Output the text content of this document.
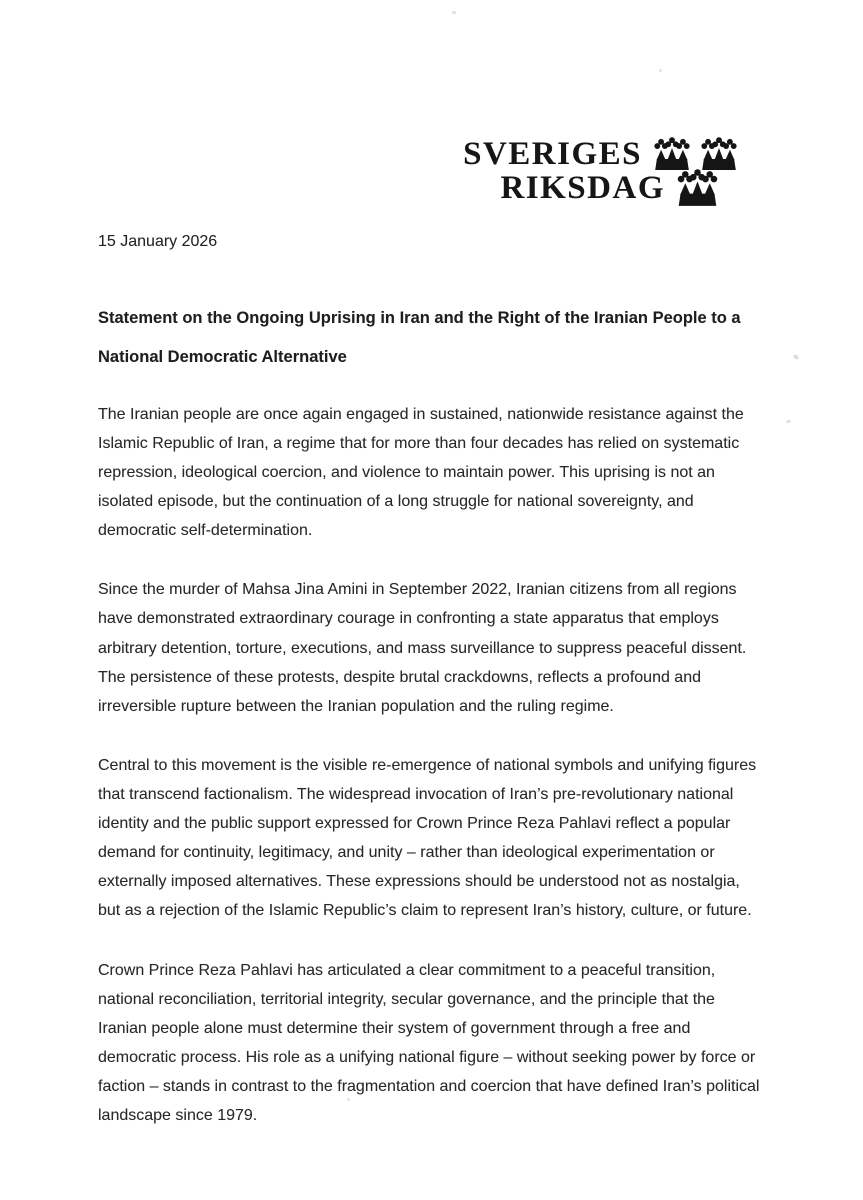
SVERIGES
RIKSDAG
15 January 2026
Statement on the Ongoing Uprising in Iran and the Right of the Iranian People to a National Democratic Alternative

The Iranian people are once again engaged in sustained, nationwide resistance against the Islamic Republic of Iran, a regime that for more than four decades has relied on systematic repression, ideological coercion, and violence to maintain power. This uprising is not an isolated episode, but the continuation of a long struggle for national sovereignty, and democratic self-determination.

Since the murder of Mahsa Jina Amini in September 2022, Iranian citizens from all regions have demonstrated extraordinary courage in confronting a state apparatus that employs arbitrary detention, torture, executions, and mass surveillance to suppress peaceful dissent. The persistence of these protests, despite brutal crackdowns, reflects a profound and irreversible rupture between the Iranian population and the ruling regime.

Central to this movement is the visible re-emergence of national symbols and unifying figures that transcend factionalism. The widespread invocation of Iran’s pre-revolutionary national identity and the public support expressed for Crown Prince Reza Pahlavi reflect a popular demand for continuity, legitimacy, and unity – rather than ideological experimentation or externally imposed alternatives. These expressions should be understood not as nostalgia, but as a rejection of the Islamic Republic’s claim to represent Iran’s history, culture, or future.

Crown Prince Reza Pahlavi has articulated a clear commitment to a peaceful transition, national reconciliation, territorial integrity, secular governance, and the principle that the Iranian people alone must determine their system of government through a free and democratic process. His role as a unifying national figure – without seeking power by force or faction – stands in contrast to the fragmentation and coercion that have defined Iran’s political landscape since 1979.
